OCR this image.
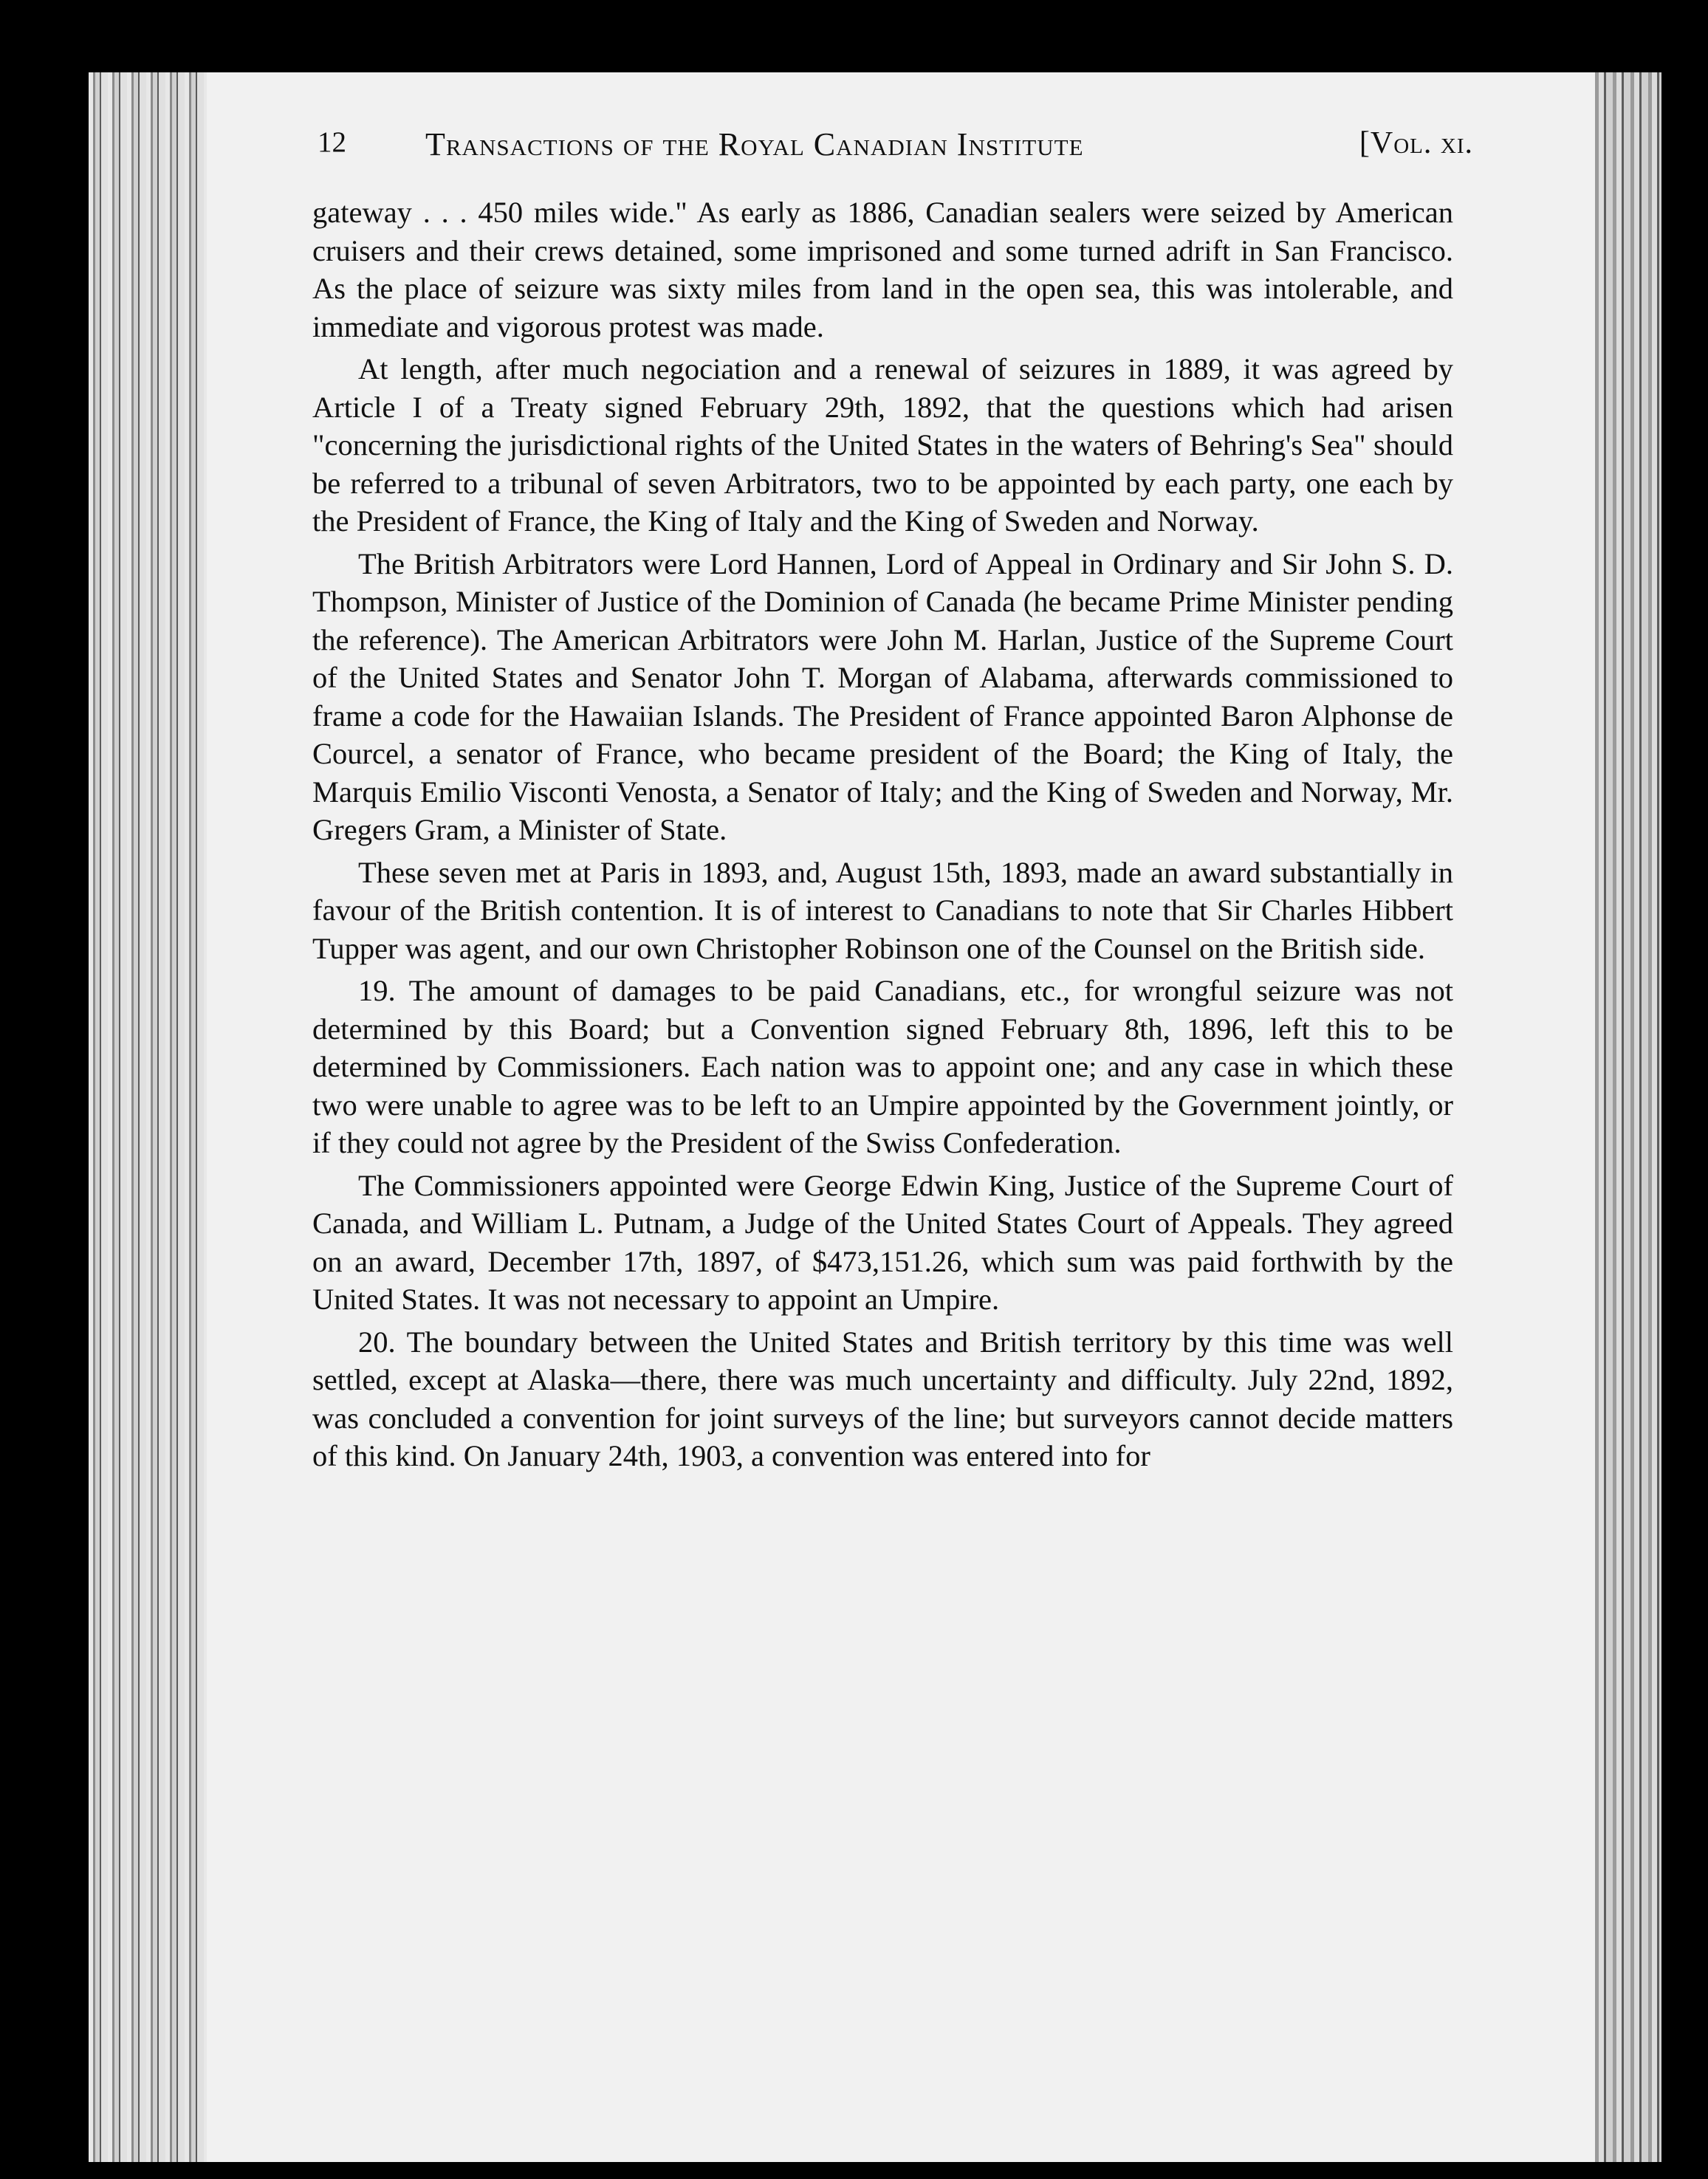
12 Transactions of the Royal Canadian Institute	[Vol. xi.

gateway . . . 450 miles wide." As early as 1886, Canadian sealers were seized by American cruisers and their crews detained, some imprisoned and some turned adrift in San Francisco. As the place of seizure was sixty miles from land in the open sea, this was intolerable, and immediate and vigorous protest was made.

At length, after much negociation and a renewal of seizures in 1889, it was agreed by Article I of a Treaty signed February 29th, 1892, that the questions which had arisen "concerning the jurisdictional rights of the United States in the waters of Behring's Sea" should be referred to a tribunal of seven Arbitrators, two to be appointed by each party, one each by the President of France, the King of Italy and the King of Sweden and Norway.

The British Arbitrators were Lord Hannen, Lord of Appeal in Ordinary and Sir John S. D. Thompson, Minister of Justice of the Dominion of Canada (he became Prime Minister pending the reference). The American Arbitrators were John M. Harlan, Justice of the Supreme Court of the United States and Senator John T. Morgan of Alabama, afterwards commissioned to frame a code for the Hawaiian Islands. The President of France appointed Baron Alphonse de Courcel, a senator of France, who became president of the Board; the King of Italy, the Marquis Emilio Visconti Venosta, a Senator of Italy; and the King of Sweden and Norway, Mr. Gregers Gram, a Minister of State.

These seven met at Paris in 1893, and, August 15th, 1893, made an award substantially in favour of the British contention. It is of interest to Canadians to note that Sir Charles Hibbert Tupper was agent, and our own Christopher Robinson one of the Counsel on the British side.

19. The amount of damages to be paid Canadians, etc., for wrongful seizure was not determined by this Board; but a Convention signed February 8th, 1896, left this to be determined by Commissioners. Each nation was to appoint one; and any case in which these two were unable to agree was to be left to an Umpire appointed by the Government jointly, or if they could not agree by the President of the Swiss Confederation.

The Commissioners appointed were George Edwin King, Justice of the Supreme Court of Canada, and William L. Putnam, a Judge of the United States Court of Appeals. They agreed on an award, December 17th, 1897, of $473,151.26, which sum was paid forthwith by the United States. It was not necessary to appoint an Umpire.

20. The boundary between the United States and British territory by this time was well settled, except at Alaska—there, there was much uncertainty and difficulty. July 22nd, 1892, was concluded a convention for joint surveys of the line; but surveyors cannot decide matters of this kind. On January 24th, 1903, a convention was entered into for
